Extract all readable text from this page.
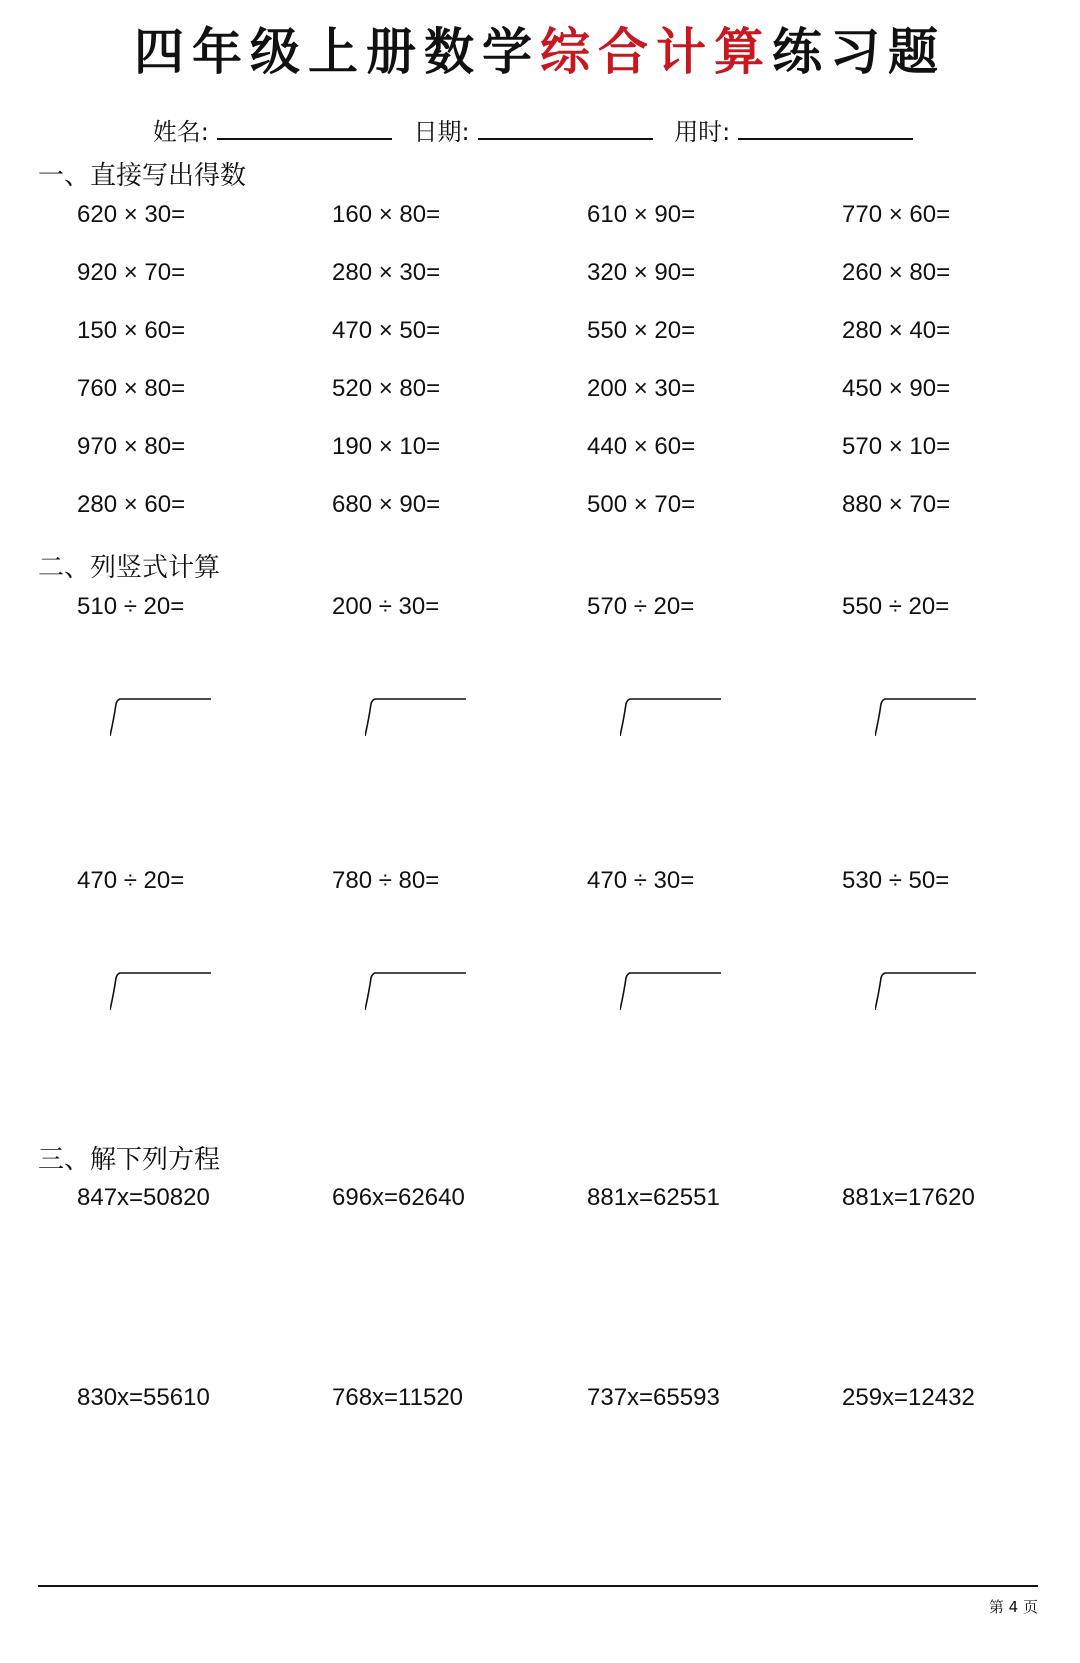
四年级上册数学综合计算练习题
姓名:	日期:	用时:
一、直接写出得数
620 × 30=	160 × 80=	610 × 90=	770 × 60=
920 × 70=	280 × 30=	320 × 90=	260 × 80=
150 × 60=	470 × 50=	550 × 20=	280 × 40=
760 × 80=	520 × 80=	200 × 30=	450 × 90=
970 × 80=	190 × 10=	440 × 60=	570 × 10=
280 × 60=	680 × 90=	500 × 70=	880 × 70=
二、列竖式计算
510 ÷ 20=	200 ÷ 30=	570 ÷ 20=	550 ÷ 20=
470 ÷ 20=	780 ÷ 80=	470 ÷ 30=	530 ÷ 50=
三、解下列方程
847x=50820	696x=62640	881x=62551	881x=17620
830x=55610	768x=11520	737x=65593	259x=12432
第 4 页
